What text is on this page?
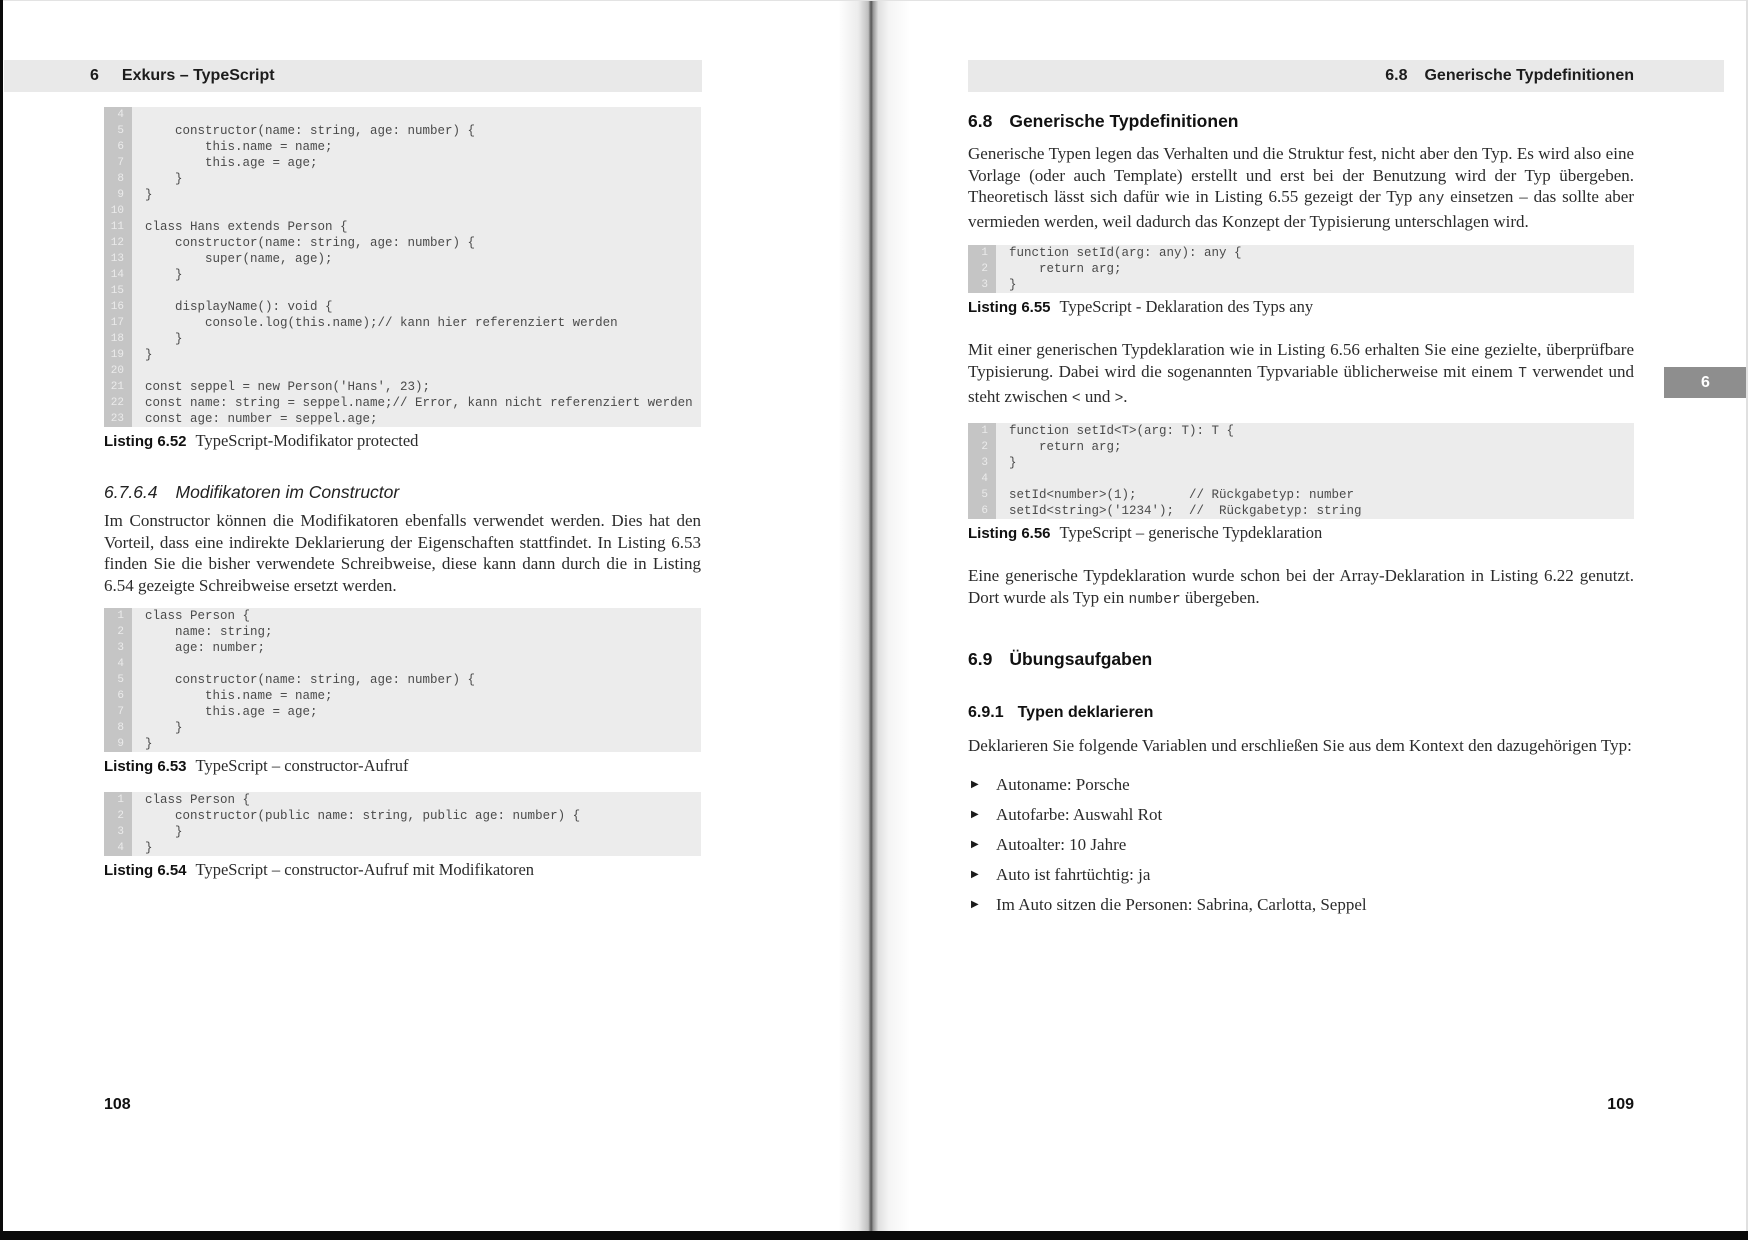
6 Exkurs – TypeScript
4

5	constructor(name: string, age: number) {
6	this.name = name;
7	this.age = age;
8	}
9	}
10

11	class Hans extends Person {
12	constructor(name: string, age: number) {
13	super(name, age);
14	}
15

16	displayName(): void {
17	console.log(this.name);// kann hier referenziert werden
18	}
19	}
20

21	const seppel = new Person('Hans', 23);
22	const name: string = seppel.name;// Error, kann nicht referenziert werden
23	const age: number = seppel.age;
Listing 6.52 TypeScript-Modifikator protected
6.7.6.4 Modifikatoren im Constructor

Im Constructor können die Modifikatoren ebenfalls verwendet werden. Dies hat den Vorteil, dass eine indirekte Deklarierung der Eigenschaften stattfindet. In Listing 6.53 finden Sie die bisher verwendete Schreibweise, diese kann dann durch die in Listing 6.54 gezeigte Schreibweise ersetzt werden.

1	class Person {
2	name: string;
3	age: number;
4

5	constructor(name: string, age: number) {
6	this.name = name;
7	this.age = age;
8	}
9	}
Listing 6.53 TypeScript – constructor-Aufruf
1	class Person {
2	constructor(public name: string, public age: number) {
3	}
4	}
Listing 6.54 TypeScript – constructor-Aufruf mit Modifikatoren
108
6.8 Generische Typdefinitionen
6
6.8 Generische Typdefinitionen

Generische Typen legen das Verhalten und die Struktur fest, nicht aber den Typ. Es wird also eine Vorlage (oder auch Template) erstellt und erst bei der Benutzung wird der Typ übergeben. Theoretisch lässt sich dafür wie in Listing 6.55 gezeigt der Typ any einsetzen – das sollte aber vermieden werden, weil dadurch das Konzept der Typisierung unterschlagen wird.

1	function setId(arg: any): any {
2	return arg;
3	}
Listing 6.55 TypeScript - Deklaration des Typs any

Mit einer generischen Typdeklaration wie in Listing 6.56 erhalten Sie eine gezielte, überprüfbare Typisierung. Dabei wird die sogenannten Typvariable üblicherweise mit einem T verwendet und steht zwischen < und >.

1	function setId<T>(arg: T): T {
2	return arg;
3	}
4

5	setId<number>(1);       // Rückgabetyp: number
6	setId<string>('1234');  //  Rückgabetyp: string
Listing 6.56 TypeScript – generische Typdeklaration

Eine generische Typdeklaration wurde schon bei der Array-Deklaration in Listing 6.22 genutzt. Dort wurde als Typ ein number übergeben.

6.9 Übungsaufgaben
6.9.1 Typen deklarieren

Deklarieren Sie folgende Variablen und erschließen Sie aus dem Kontext den dazugehörigen Typ:

▶	Autoname: Porsche
▶	Autofarbe: Auswahl Rot
▶	Autoalter: 10 Jahre
▶	Auto ist fahrtüchtig: ja
▶	Im Auto sitzen die Personen: Sabrina, Carlotta, Seppel
109
